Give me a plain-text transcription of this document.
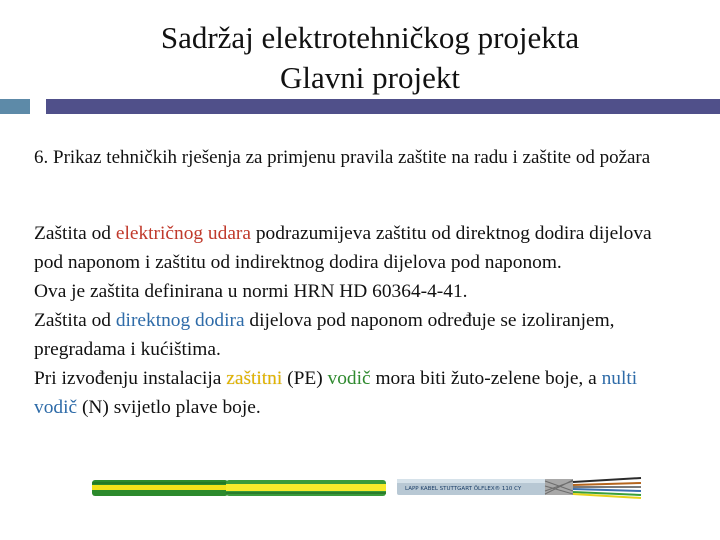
Sadržaj elektrotehničkog projekta
Glavni projekt
6. Prikaz tehničkih rješenja za primjenu pravila zaštite na radu i zaštite od požara

Zaštita od električnog udara podrazumijeva zaštitu od direktnog dodira dijelova pod naponom i zaštitu od indirektnog dodira dijelova pod naponom.

Ova je zaštita definirana u normi HRN HD 60364-4-41.

Zaštita od direktnog dodira dijelova pod naponom određuje se izoliranjem, pregradama i kućištima.

Pri izvođenju instalacija zaštitni (PE) vodič mora biti žuto-zelene boje, a nulti vodič (N) svijetlo plave boje.

LAPP KABEL STUTTGART ÖLFLEX® 110 CY
